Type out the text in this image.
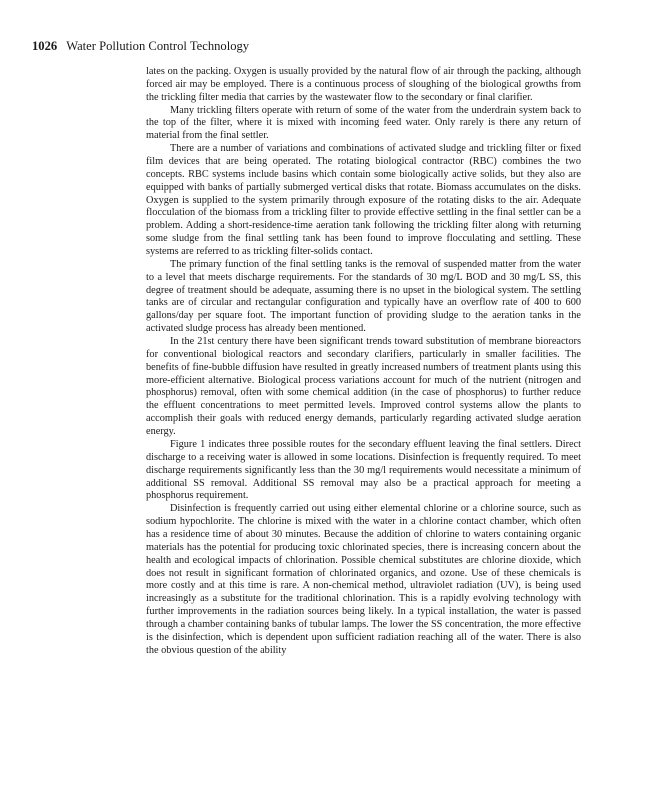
1026 Water Pollution Control Technology

lates on the packing. Oxygen is usually provided by the natural flow of air through the packing, although forced air may be employed. There is a continuous process of sloughing of the biological growths from the trickling filter media that carries by the wastewater flow to the secondary or final clarifier.

Many trickling filters operate with return of some of the water from the underdrain system back to the top of the filter, where it is mixed with incoming feed water. Only rarely is there any return of material from the final settler.

There are a number of variations and combinations of activated sludge and trickling filter or fixed film devices that are being operated. The rotating biological contractor (RBC) combines the two concepts. RBC systems include basins which contain some biologically active solids, but they also are equipped with banks of partially submerged vertical disks that rotate. Biomass accumulates on the disks. Oxygen is supplied to the system primarily through exposure of the rotating disks to the air. Adequate flocculation of the biomass from a trickling filter to provide effective settling in the final settler can be a problem. Adding a short-residence-time aeration tank following the trickling filter along with returning some sludge from the final settling tank has been found to improve flocculating and settling. These systems are referred to as trickling filter-solids contact.

The primary function of the final settling tanks is the removal of suspended matter from the water to a level that meets discharge requirements. For the standards of 30 mg/L BOD and 30 mg/L SS, this degree of treatment should be adequate, assuming there is no upset in the biological system. The settling tanks are of circular and rectangular configuration and typically have an overflow rate of 400 to 600 gallons/day per square foot. The important function of providing sludge to the aeration tanks in the activated sludge process has already been mentioned.

In the 21st century there have been significant trends toward substitution of membrane bioreactors for conventional biological reactors and secondary clarifiers, particularly in smaller facilities. The benefits of fine-bubble diffusion have resulted in greatly increased numbers of treatment plants using this more-efficient alternative. Biological process variations account for much of the nutrient (nitrogen and phosphorus) removal, often with some chemical addition (in the case of phosphorus) to further reduce the effluent concentrations to meet permitted levels. Improved control systems allow the plants to accomplish their goals with reduced energy demands, particularly regarding activated sludge aeration energy.

Figure 1 indicates three possible routes for the secondary effluent leaving the final settlers. Direct discharge to a receiving water is allowed in some locations. Disinfection is frequently required. To meet discharge requirements significantly less than the 30 mg/l requirements would necessitate a minimum of additional SS removal. Additional SS removal may also be a practical approach for meeting a phosphorus requirement.

Disinfection is frequently carried out using either elemental chlorine or a chlorine source, such as sodium hypochlorite. The chlorine is mixed with the water in a chlorine contact chamber, which often has a residence time of about 30 minutes. Because the addition of chlorine to waters containing organic materials has the potential for producing toxic chlorinated species, there is increasing concern about the health and ecological impacts of chlorination. Possible chemical substitutes are chlorine dioxide, which does not result in significant formation of chlorinated organics, and ozone. Use of these chemicals is more costly and at this time is rare. A non-chemical method, ultraviolet radiation (UV), is being used increasingly as a substitute for the traditional chlorination. This is a rapidly evolving technology with further improvements in the radiation sources being likely. In a typical installation, the water is passed through a chamber containing banks of tubular lamps. The lower the SS concentration, the more effective is the disinfection, which is dependent upon sufficient radiation reaching all of the water. There is also the obvious question of the ability
